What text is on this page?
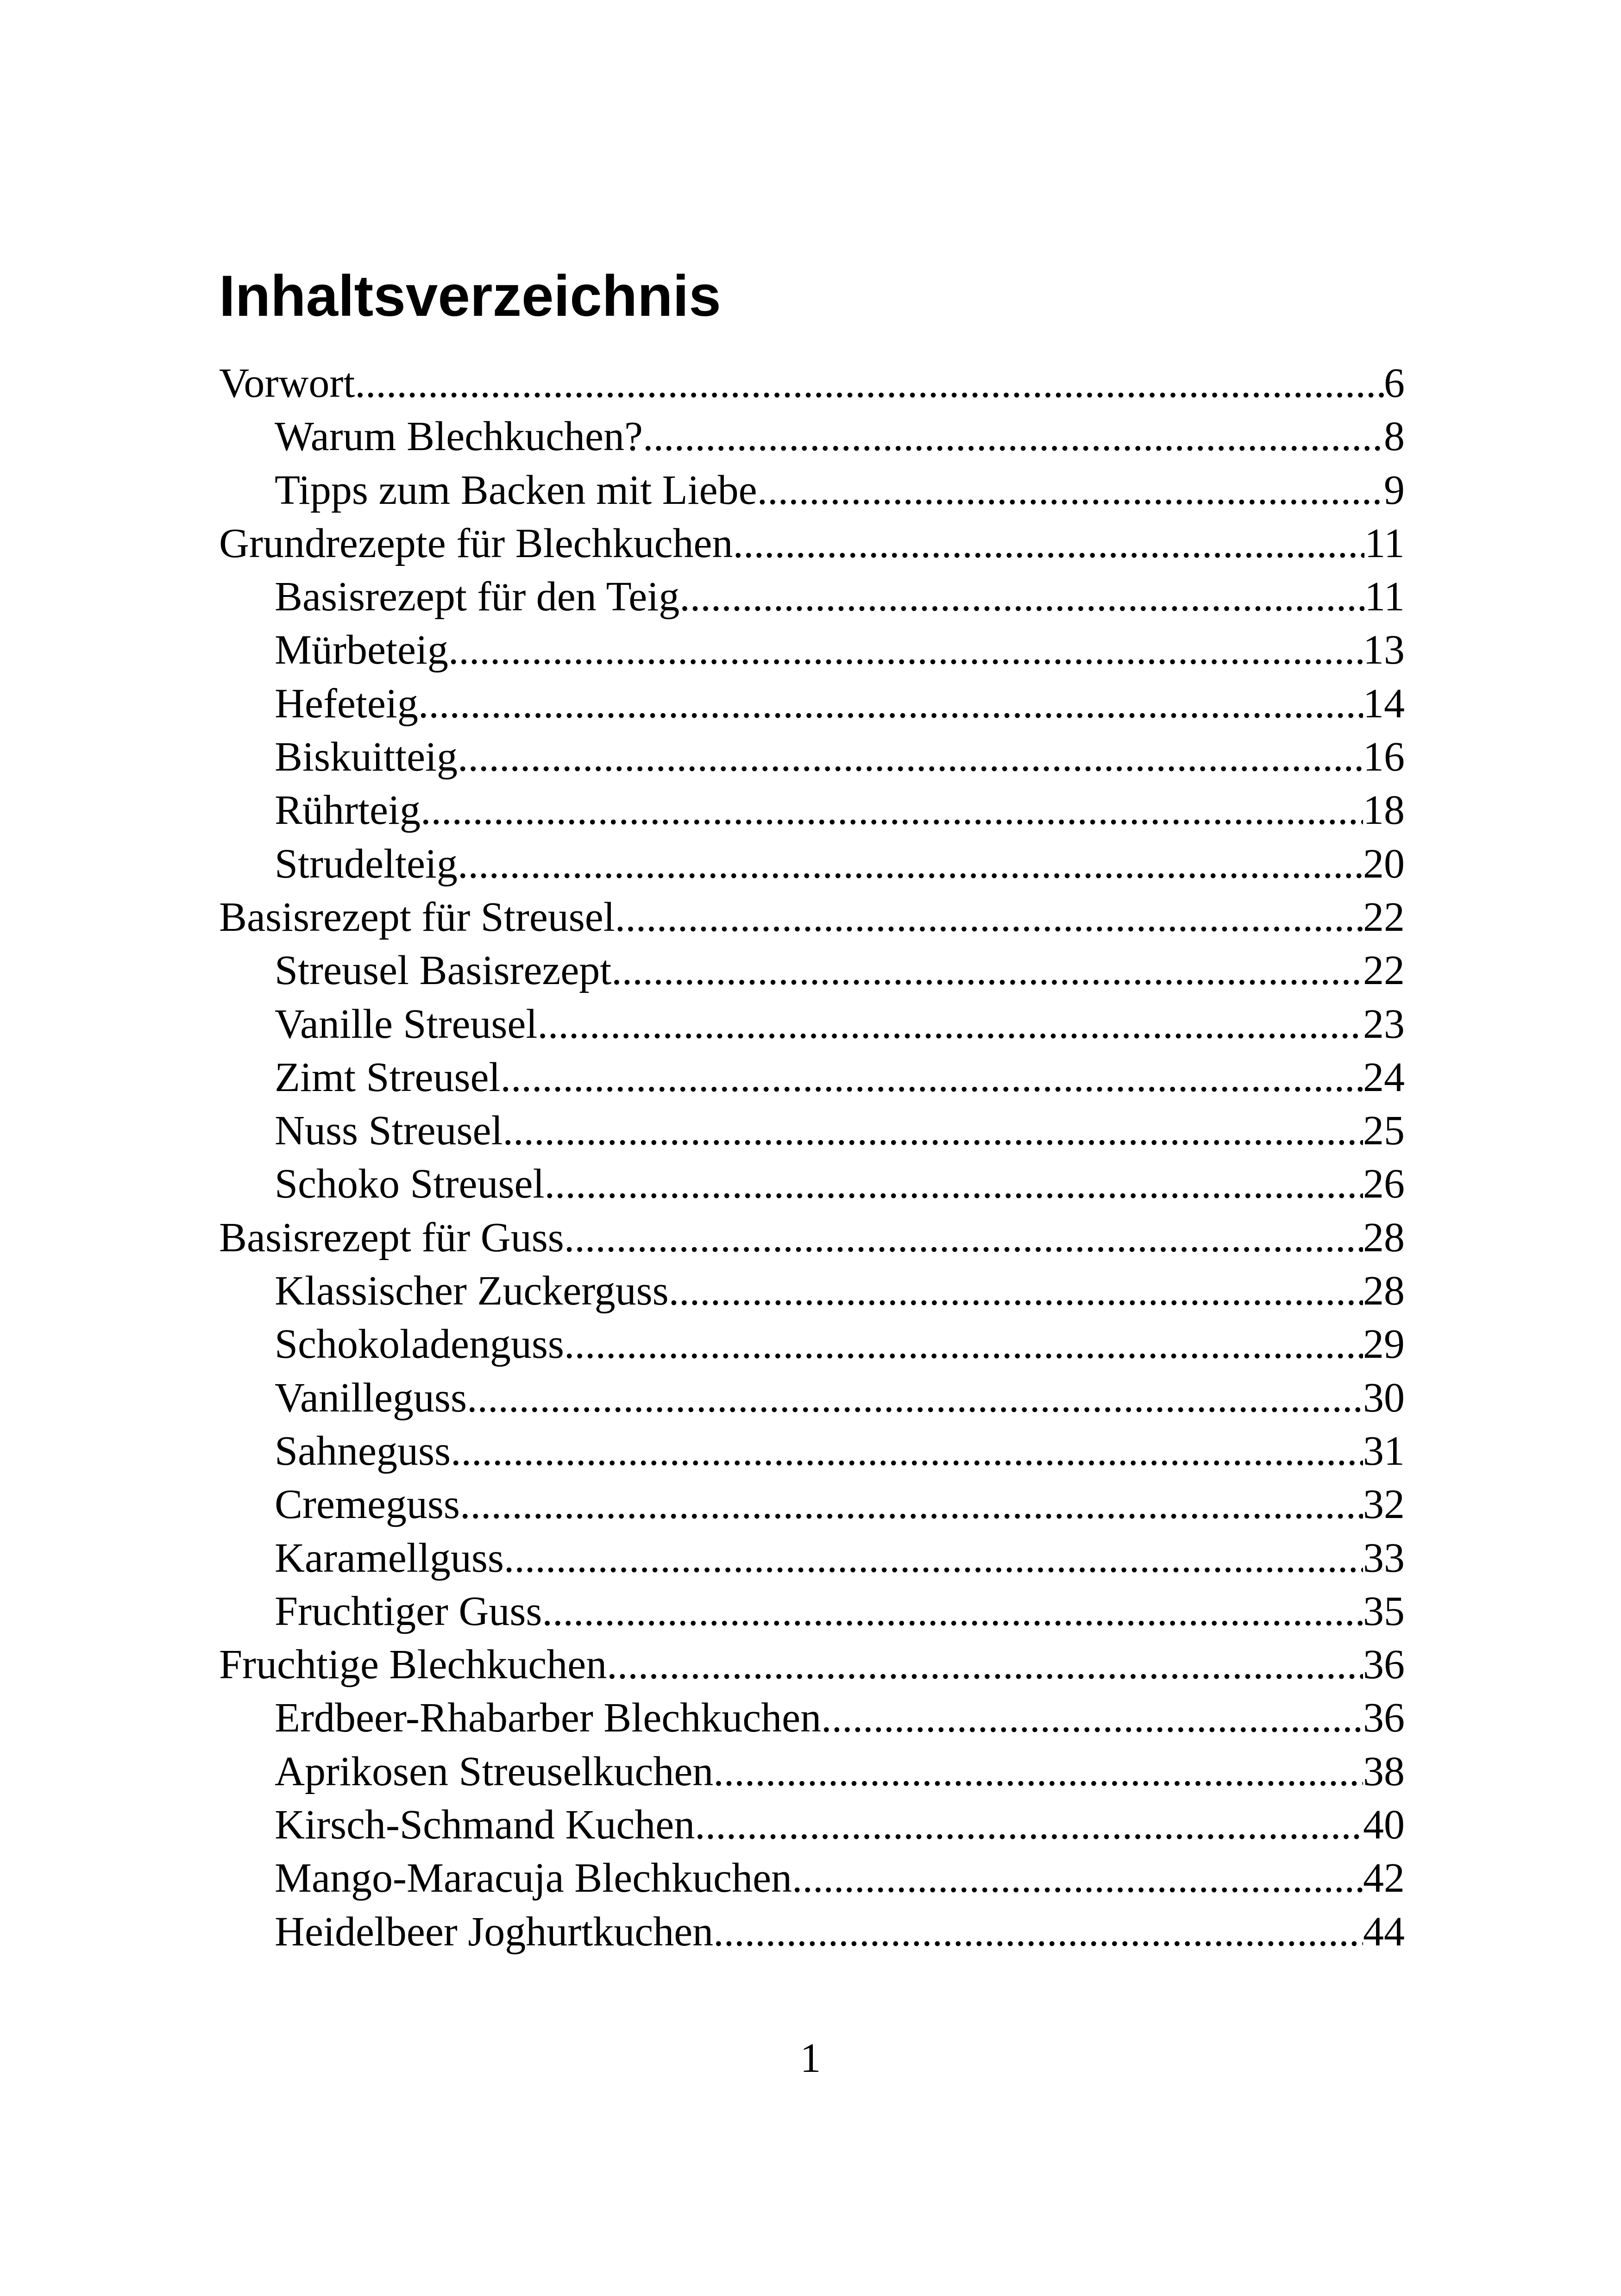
Inhaltsverzeichnis
Vorwort .....	6
Warum Blechkuchen? .....	8
Tipps zum Backen mit Liebe .....	9
Grundrezepte für Blechkuchen .....	11
Basisrezept für den Teig .....	11
Mürbeteig .....	13
Hefeteig .....	14
Biskuitteig .....	16
Rührteig .....	18
Strudelteig .....	20
Basisrezept für Streusel .....	22
Streusel Basisrezept .....	22
Vanille Streusel .....	23
Zimt Streusel .....	24
Nuss Streusel .....	25
Schoko Streusel .....	26
Basisrezept für Guss .....	28
Klassischer Zuckerguss .....	28
Schokoladenguss .....	29
Vanilleguss .....	30
Sahneguss .....	31
Cremeguss .....	32
Karamellguss .....	33
Fruchtiger Guss .....	35
Fruchtige Blechkuchen .....	36
Erdbeer-Rhabarber Blechkuchen .....	36
Aprikosen Streuselkuchen .....	38
Kirsch-Schmand Kuchen .....	40
Mango-Maracuja Blechkuchen .....	42
Heidelbeer Joghurtkuchen .....	44
1
